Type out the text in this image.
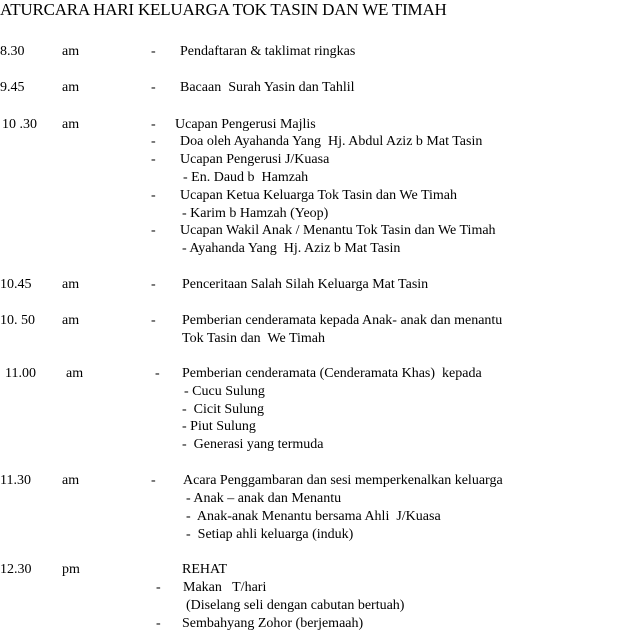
ATURCARA HARI KELUARGA TOK TASIN DAN WE TIMAH
8.30	am	- Pendaftaran & taklimat ringkas
9.45	am	- Bacaan  Surah Yasin dan Tahlil
10 .30 am	- Ucapan Pengerusi Majlis
- Doa oleh Ayahanda Yang  Hj. Abdul Aziz b Mat Tasin
- Ucapan Pengerusi J/Kuasa
- En. Daud b  Hamzah
- Ucapan Ketua Keluarga Tok Tasin dan We Timah
- Karim b Hamzah (Yeop)
- Ucapan Wakil Anak / Menantu Tok Tasin dan We Timah
- Ayahanda Yang  Hj. Aziz b Mat Tasin
10.45 am	- Penceritaan Salah Silah Keluarga Mat Tasin
10. 50 am	- Pemberian cenderamata kepada Anak- anak dan menantu
Tok Tasin dan  We Timah
11.00 am	- Pemberian cenderamata (Cenderamata Khas)  kepada
- Cucu Sulung
-  Cicit Sulung
- Piut Sulung
-  Generasi yang termuda
11.30 am	- Acara Penggambaran dan sesi memperkenalkan keluarga
- Anak – anak dan Menantu
-  Anak-anak Menantu bersama Ahli  J/Kuasa
-  Setiap ahli keluarga (induk)
12.30 pm	REHAT
- Makan   T/hari
(Diselang seli dengan cabutan bertuah)
- Sembahyang Zohor (berjemaah)
